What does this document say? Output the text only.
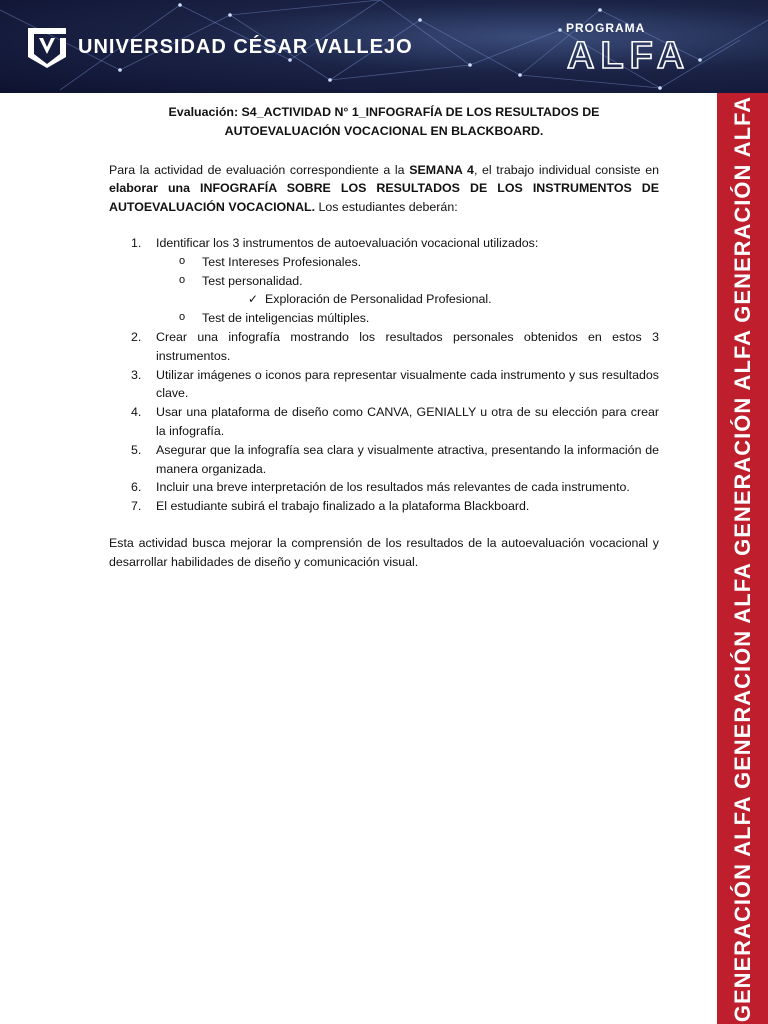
UNIVERSIDAD CÉSAR VALLEJO
PROGRAMA
ALFA
GENERACIÓN ALFA GENERACIÓN ALFA GENERACIÓN ALFA GENERACIÓN ALFA
Evaluación: S4_ACTIVIDAD N° 1_INFOGRAFÍA DE LOS RESULTADOS DE
AUTOEVALUACIÓN VOCACIONAL EN BLACKBOARD.

Para la actividad de evaluación correspondiente a la SEMANA 4, el trabajo individual consiste en elaborar una INFOGRAFÍA SOBRE LOS RESULTADOS DE LOS INSTRUMENTOS DE AUTOEVALUACIÓN VOCACIONAL. Los estudiantes deberán:

1. Identificar los 3 instrumentos de autoevaluación vocacional utilizados:
o Test Intereses Profesionales.
o Test personalidad.
✓ Exploración de Personalidad Profesional.
o Test de inteligencias múltiples.
2. Crear una infografía mostrando los resultados personales obtenidos en estos 3 instrumentos.
3. Utilizar imágenes o iconos para representar visualmente cada instrumento y sus resultados clave.
4. Usar una plataforma de diseño como CANVA, GENIALLY u otra de su elección para crear la infografía.
5. Asegurar que la infografía sea clara y visualmente atractiva, presentando la información de manera organizada.
6. Incluir una breve interpretación de los resultados más relevantes de cada instrumento.
7. El estudiante subirá el trabajo finalizado a la plataforma Blackboard.

Esta actividad busca mejorar la comprensión de los resultados de la autoevaluación vocacional y desarrollar habilidades de diseño y comunicación visual.
